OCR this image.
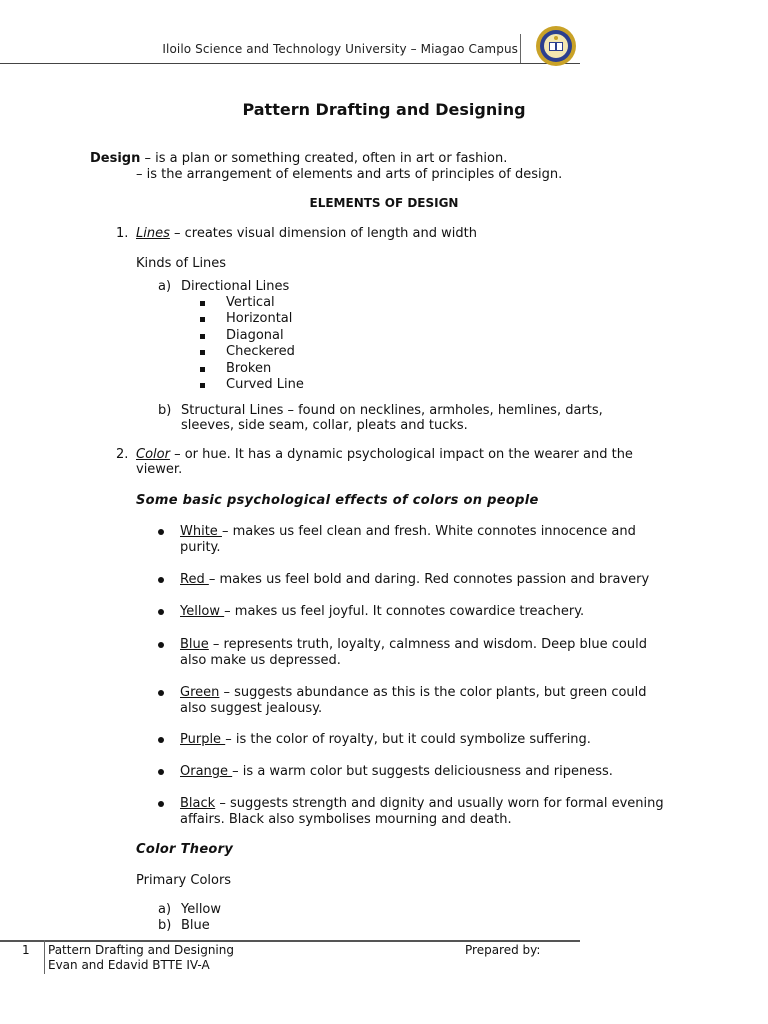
Iloilo Science and Technology University – Miagao Campus
Pattern Drafting and Designing
Design – is a plan or something created, often in art or fashion.
– is the arrangement of elements and arts of principles of design.
ELEMENTS OF DESIGN
1. Lines – creates visual dimension of length and width
Kinds of Lines
a) Directional Lines
Vertical
Horizontal
Diagonal
Checkered
Broken
Curved Line
b) Structural Lines – found on necklines, armholes, hemlines, darts,
sleeves, side seam, collar, pleats and tucks.
2. Color – or hue. It has a dynamic psychological impact on the wearer and the
viewer.
Some basic psychological effects of colors on people
White – makes us feel clean and fresh. White connotes innocence and
purity.
Red – makes us feel bold and daring. Red connotes passion and bravery
Yellow – makes us feel joyful. It connotes cowardice treachery.
Blue – represents truth, loyalty, calmness and wisdom. Deep blue could
also make us depressed.
Green – suggests abundance as this is the color plants, but green could
also suggest jealousy.
Purple – is the color of royalty, but it could symbolize suffering.
Orange – is a warm color but suggests deliciousness and ripeness.
Black – suggests strength and dignity and usually worn for formal evening
affairs. Black also symbolises mourning and death.
Color Theory
Primary Colors
a) Yellow
b) Blue
1 Pattern Drafting and Designing
Evan and Edavid BTTE IV-A
Prepared by:
